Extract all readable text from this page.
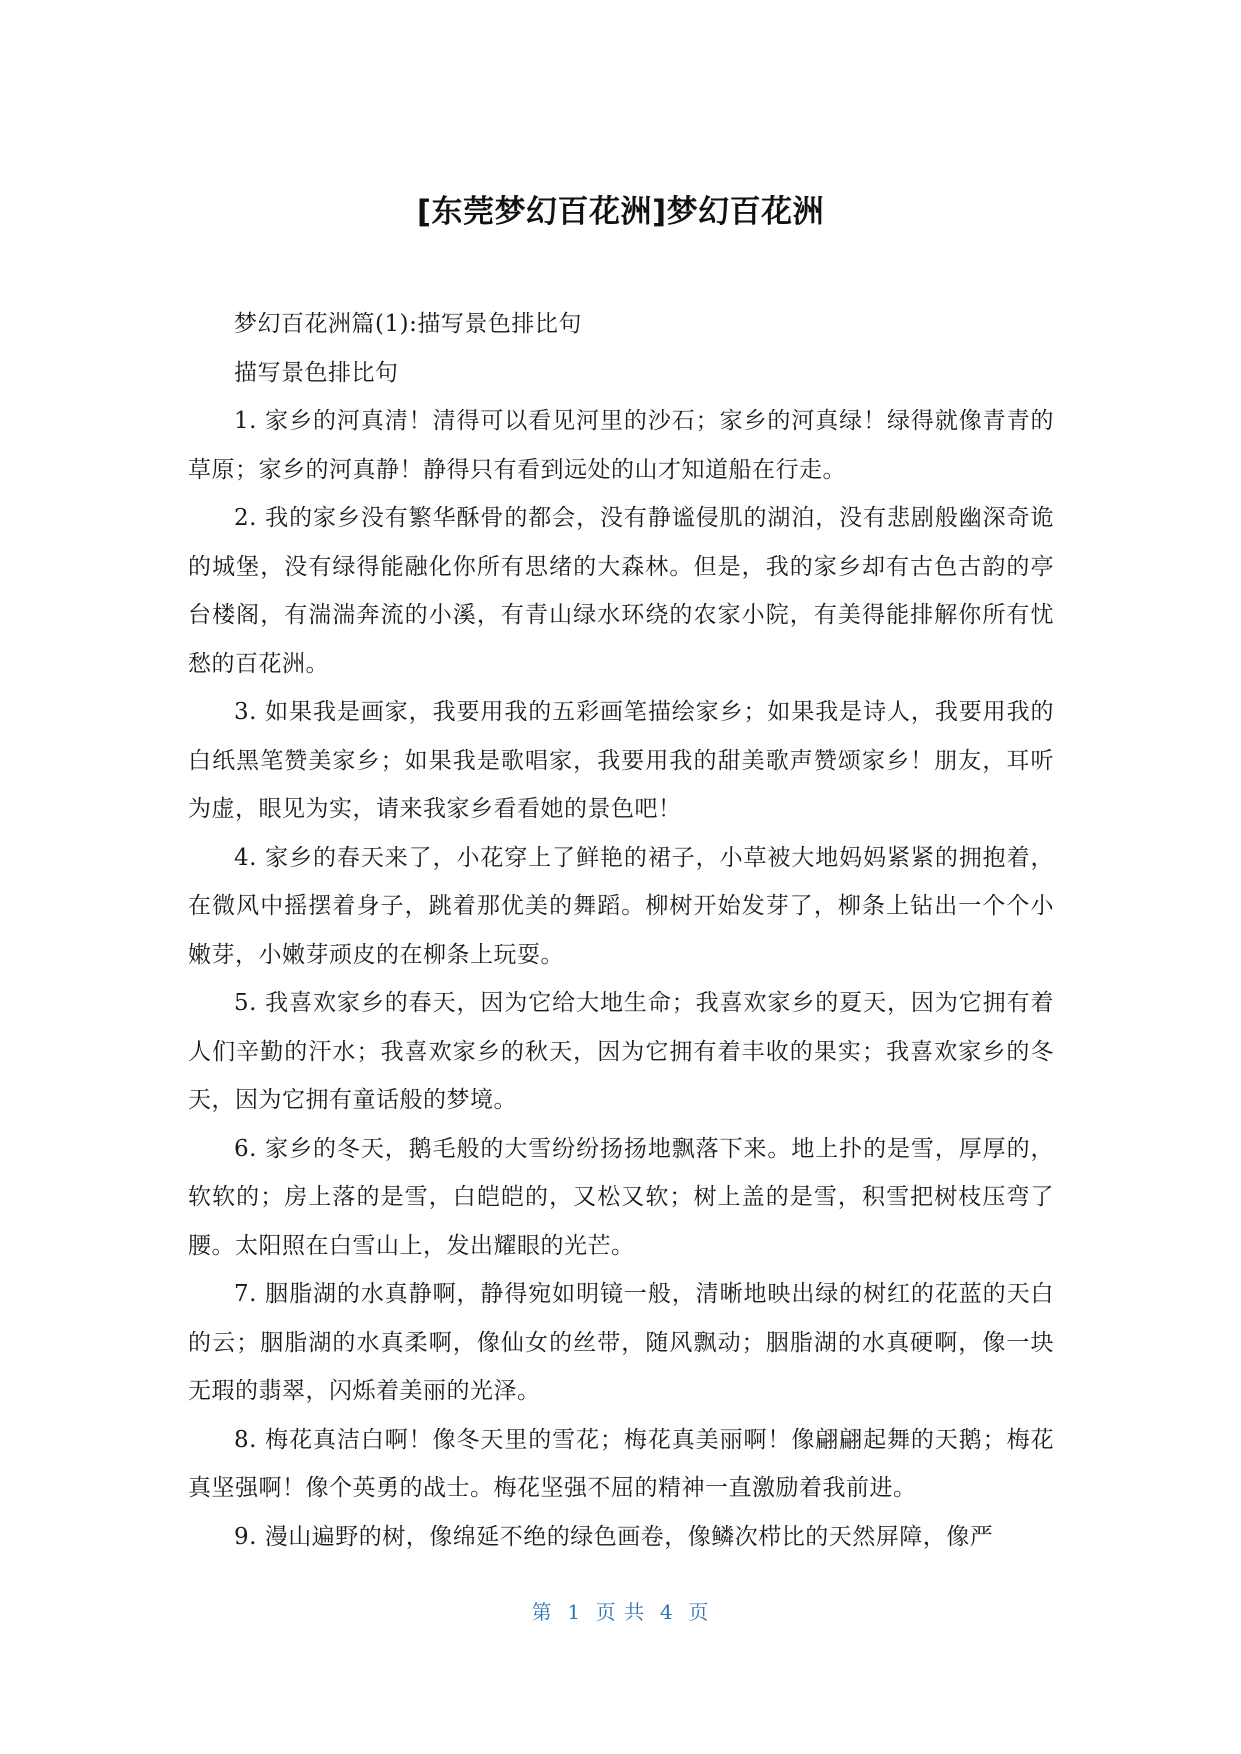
[东莞梦幻百花洲]梦幻百花洲

梦幻百花洲篇(1):描写景色排比句

描写景色排比句

1. 家乡的河真清！清得可以看见河里的沙石；家乡的河真绿！绿得就像青青的草原；家乡的河真静！静得只有看到远处的山才知道船在行走。

2. 我的家乡没有繁华酥骨的都会，没有静谧侵肌的湖泊，没有悲剧般幽深奇诡的城堡，没有绿得能融化你所有思绪的大森林。但是，我的家乡却有古色古韵的亭台楼阁，有湍湍奔流的小溪，有青山绿水环绕的农家小院，有美得能排解你所有忧愁的百花洲。

3. 如果我是画家，我要用我的五彩画笔描绘家乡；如果我是诗人，我要用我的白纸黑笔赞美家乡；如果我是歌唱家，我要用我的甜美歌声赞颂家乡！朋友，耳听为虚，眼见为实，请来我家乡看看她的景色吧！

4. 家乡的春天来了，小花穿上了鲜艳的裙子，小草被大地妈妈紧紧的拥抱着，在微风中摇摆着身子，跳着那优美的舞蹈。柳树开始发芽了，柳条上钻出一个个小嫩芽，小嫩芽顽皮的在柳条上玩耍。

5. 我喜欢家乡的春天，因为它给大地生命；我喜欢家乡的夏天，因为它拥有着人们辛勤的汗水；我喜欢家乡的秋天，因为它拥有着丰收的果实；我喜欢家乡的冬天，因为它拥有童话般的梦境。

6. 家乡的冬天，鹅毛般的大雪纷纷扬扬地飘落下来。地上扑的是雪，厚厚的，软软的；房上落的是雪，白皑皑的，又松又软；树上盖的是雪，积雪把树枝压弯了腰。太阳照在白雪山上，发出耀眼的光芒。

7. 胭脂湖的水真静啊，静得宛如明镜一般，清晰地映出绿的树红的花蓝的天白的云；胭脂湖的水真柔啊，像仙女的丝带，随风飘动；胭脂湖的水真硬啊，像一块无瑕的翡翠，闪烁着美丽的光泽。

8. 梅花真洁白啊！像冬天里的雪花；梅花真美丽啊！像翩翩起舞的天鹅；梅花真坚强啊！像个英勇的战士。梅花坚强不屈的精神一直激励着我前进。

9. 漫山遍野的树，像绵延不绝的绿色画卷，像鳞次栉比的天然屏障，像严

第  1  页 共  4  页
